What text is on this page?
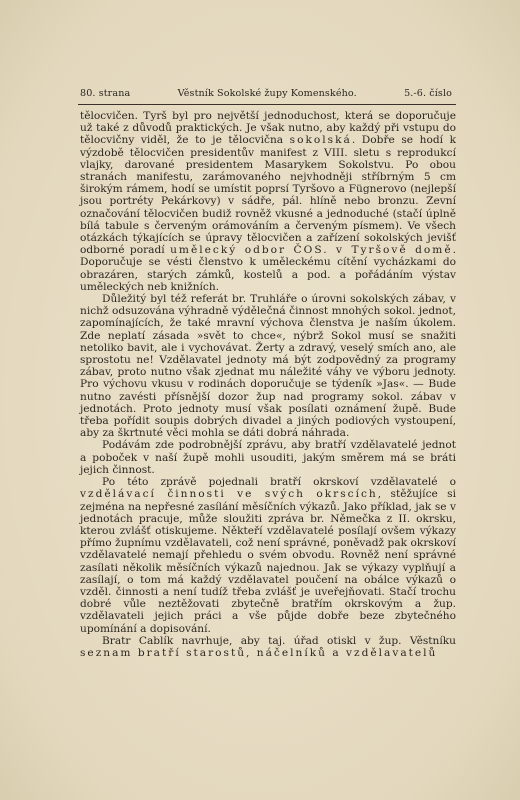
80. strana	Věstník Sokolské župy Komenského.	5.-6. číslo

tělocvičen. Tyrš byl pro největší jednoduchost, která se doporučuje už také z důvodů praktických. Je však nutno, aby každý při vstupu do tělocvičny viděl, že to je tělocvična sokolská. Dobře se hodí k výzdobě tělocvičen presidentův manifest z VIII. sletu s reprodukcí vlajky, darované presidentem Masarykem Sokolstvu. Po obou stranách manifestu, zarámovaného nejvhodněji stříbrným 5 cm širokým rámem, hodí se umístit poprsí Tyršovo a Fügnerovo (nejlepší jsou portréty Pekárkovy) v sádře, pál. hlíně nebo bronzu. Zevní označování tělocvičen budiž rovněž vkusné a jednoduché (stačí úplně bílá tabule s červeným orámováním a červeným písmem). Ve všech otázkách týkajících se úpravy tělocvičen a zařízení sokolských jevišť odborné poradí umělecký odbor ČOS. v Tyršově domě. Doporučuje se vésti členstvo k uměleckému cítění vycházkami do obrazáren, starých zámků, kostelů a pod. a pořádáním výstav uměleckých neb knižních.

Důležitý byl též referát br. Truhláře o úrovni sokolských zábav, v nichž odsuzována výhradně výdělečná činnost mnohých sokol. jednot, zapomínajících, že také mravní výchova členstva je naším úkolem. Zde neplatí zásada »svět to chce«, nýbrž Sokol musí se snažiti netoliko bavit, ale i vychovávat. Žerty a zdravý, veselý smích ano, ale sprostotu ne! Vzdělavatel jednoty má být zodpovědný za programy zábav, proto nutno však zjednat mu náležité váhy ve výboru jednoty. Pro výchovu vkusu v rodinách doporučuje se týdeník »Jas«. — Bude nutno zavésti přísnější dozor žup nad programy sokol. zábav v jednotách. Proto jednoty musí však posílati oznámení župě. Bude třeba pořídit soupis dobrých divadel a jiných podiových vystoupení, aby za škrtnuté věci mohla se dáti dobrá náhrada.

Podávám zde podrobnější zprávu, aby bratří vzdělavatelé jednot a poboček v naší župě mohli usouditi, jakým směrem má se bráti jejich činnost.

Po této zprávě pojednali bratří okrskoví vzdělavatelé o vzdělávací činnosti ve svých okrscích, stěžujíce si zejména na nepřesné zasílání měsíčních výkazů. Jako příklad, jak se v jednotách pracuje, může sloužiti zpráva br. Němečka z II. okrsku, kterou zvlášť otiskujeme. Někteří vzdělavatelé posílají ovšem výkazy přímo župnímu vzdělavateli, což není správné, poněvadž pak okrskoví vzdělavatelé nemají přehledu o svém obvodu. Rovněž není správné zasílati několik měsíčních výkazů najednou. Jak se výkazy vyplňují a zasílají, o tom má každý vzdělavatel poučení na obálce výkazů o vzděl. činnosti a není tudíž třeba zvlášť je uveřejňovati. Stačí trochu dobré vůle neztěžovati zbytečně bratřím okrskovým a žup. vzdělavateli jejich práci a vše půjde dobře beze zbytečného upomínání a dopisování.

Bratr Cablík navrhuje, aby taj. úřad otiskl v žup. Věstníku seznam bratří starostů, náčelníků a vzdělavatelů
